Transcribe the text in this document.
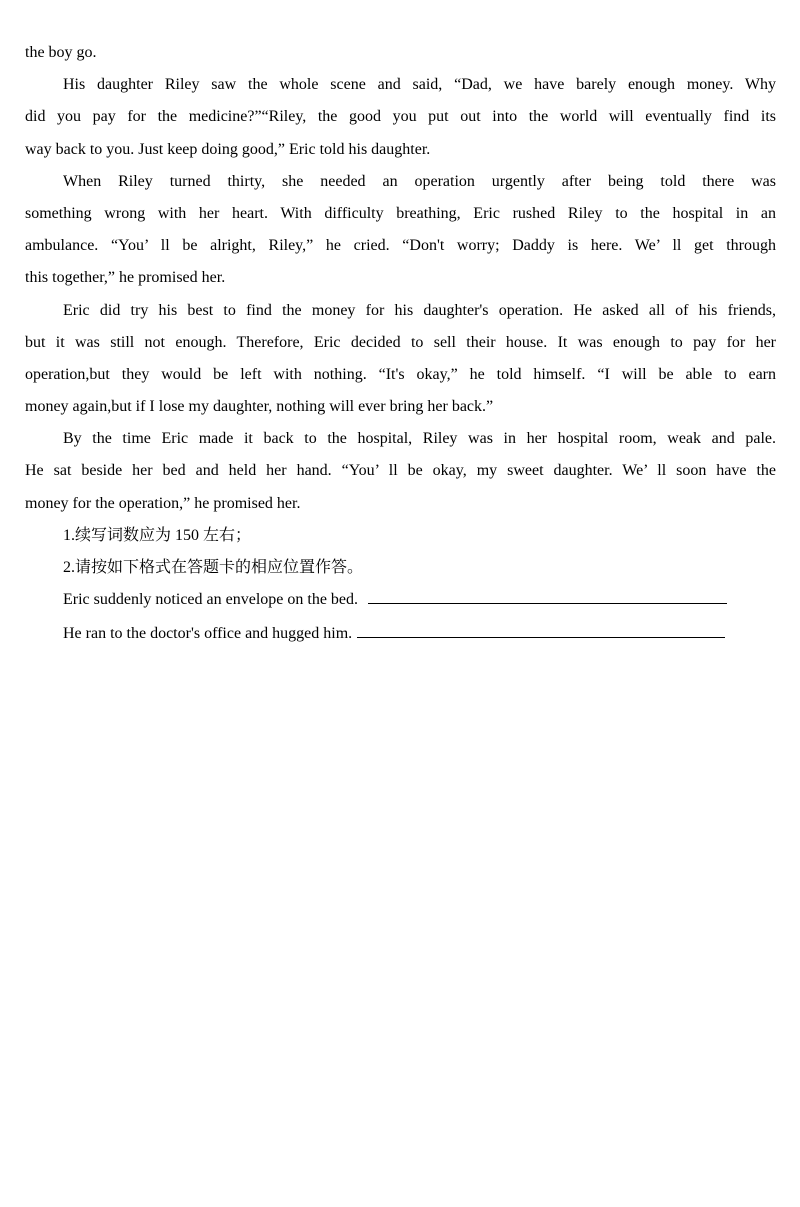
the boy go.
His daughter Riley saw the whole scene and said, “Dad, we have barely enough money. Why
did you pay for the medicine?”“Riley, the good you put out into the world will eventually find its
way back to you. Just keep doing good,” Eric told his daughter.
When Riley turned thirty, she needed an operation urgently after being told there was
something wrong with her heart. With difficulty breathing, Eric rushed Riley to the hospital in an
ambulance. “You’ ll be alright, Riley,” he cried. “Don't worry; Daddy is here. We’ ll get through
this together,” he promised her.
Eric did try his best to find the money for his daughter's operation. He asked all of his friends,
but it was still not enough. Therefore, Eric decided to sell their house. It was enough to pay for her
operation,but they would be left with nothing. “It's okay,” he told himself. “I will be able to earn
money again,but if I lose my daughter, nothing will ever bring her back.”
By the time Eric made it back to the hospital, Riley was in her hospital room, weak and pale.
He sat beside her bed and held her hand. “You’ ll be okay, my sweet daughter. We’ ll soon have the
money for the operation,” he promised her.
1.续写词数应为 150 左右；
2.请按如下格式在答题卡的相应位置作答。
Eric suddenly noticed an envelope on the bed.
He ran to the doctor's office and hugged him.
